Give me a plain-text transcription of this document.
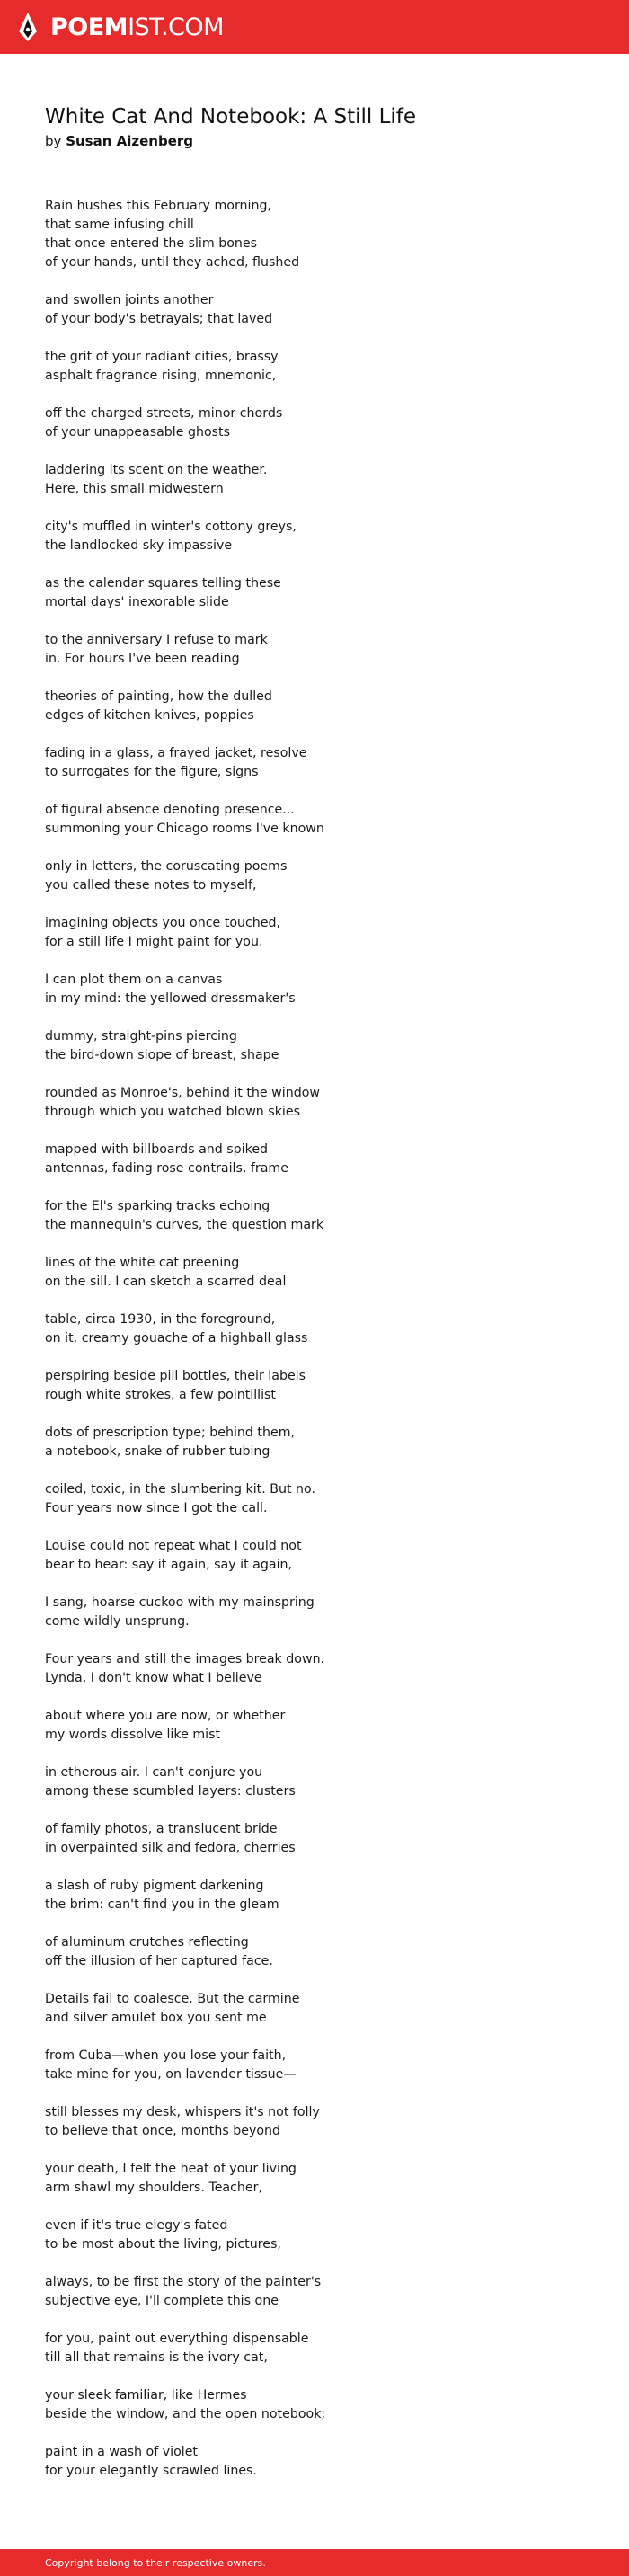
POEMIST.COM
White Cat And Notebook: A Still Life
by Susan Aizenberg
Rain hushes this February morning,
that same infusing chill
that once entered the slim bones
of your hands, until they ached, flushed
and swollen joints another
of your body's betrayals; that laved
the grit of your radiant cities, brassy
asphalt fragrance rising, mnemonic,
off the charged streets, minor chords
of your unappeasable ghosts
laddering its scent on the weather.
Here, this small midwestern
city's muffled in winter's cottony greys,
the landlocked sky impassive
as the calendar squares telling these
mortal days' inexorable slide
to the anniversary I refuse to mark
in. For hours I've been reading
theories of painting, how the dulled
edges of kitchen knives, poppies
fading in a glass, a frayed jacket, resolve
to surrogates for the figure, signs
of figural absence denoting presence...
summoning your Chicago rooms I've known
only in letters, the coruscating poems
you called these notes to myself,
imagining objects you once touched,
for a still life I might paint for you.
I can plot them on a canvas
in my mind: the yellowed dressmaker's
dummy, straight-pins piercing
the bird-down slope of breast, shape
rounded as Monroe's, behind it the window
through which you watched blown skies
mapped with billboards and spiked
antennas, fading rose contrails, frame
for the El's sparking tracks echoing
the mannequin's curves, the question mark
lines of the white cat preening
on the sill. I can sketch a scarred deal
table, circa 1930, in the foreground,
on it, creamy gouache of a highball glass
perspiring beside pill bottles, their labels
rough white strokes, a few pointillist
dots of prescription type; behind them,
a notebook, snake of rubber tubing
coiled, toxic, in the slumbering kit. But no.
Four years now since I got the call.
Louise could not repeat what I could not
bear to hear: say it again, say it again,
I sang, hoarse cuckoo with my mainspring
come wildly unsprung.
Four years and still the images break down.
Lynda, I don't know what I believe
about where you are now, or whether
my words dissolve like mist
in etherous air. I can't conjure you
among these scumbled layers: clusters
of family photos, a translucent bride
in overpainted silk and fedora, cherries
a slash of ruby pigment darkening
the brim: can't find you in the gleam
of aluminum crutches reflecting
off the illusion of her captured face.
Details fail to coalesce. But the carmine
and silver amulet box you sent me
from Cuba—when you lose your faith,
take mine for you, on lavender tissue—
still blesses my desk, whispers it's not folly
to believe that once, months beyond
your death, I felt the heat of your living
arm shawl my shoulders. Teacher,
even if it's true elegy's fated
to be most about the living, pictures,
always, to be first the story of the painter's
subjective eye, I'll complete this one
for you, paint out everything dispensable
till all that remains is the ivory cat,
your sleek familiar, like Hermes
beside the window, and the open notebook;
paint in a wash of violet
for your elegantly scrawled lines.
Copyright belong to their respective owners.
